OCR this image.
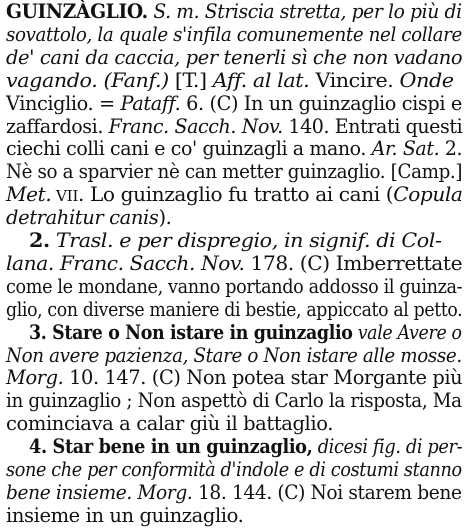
GUINZÀGLIO. S. m. Striscia stretta, per lo più di
sovattolo, la quale s'infila comunemente nel collare
de' cani da caccia, per tenerli sì che non vadano
vagando. (Fanf.) [T.] Aff. al lat. Vincire. Onde
Vinciglio. = Pataff. 6. (C) In un guinzaglio cispi e
zaffardosi. Franc. Sacch. Nov. 140. Entrati questi
ciechi colli cani e co' guinzagli a mano. Ar. Sat. 2.
Nè so a sparvier nè can metter guinzaglio. [Camp.]
Met. VII. Lo guinzaglio fu tratto ai cani (Copula
detrahitur canis).
2. Trasl. e per dispregio, in signif. di Col-
lana. Franc. Sacch. Nov. 178. (C) Imberrettate
come le mondane, vanno portando addosso il guinza-
glio, con diverse maniere di bestie, appiccato al petto.
3. Stare o Non istare in guinzaglio vale Avere o
Non avere pazienza, Stare o Non istare alle mosse.
Morg. 10. 147. (C) Non potea star Morgante più
in guinzaglio ; Non aspettò di Carlo la risposta, Ma
cominciava a calar giù il battaglio.
4. Star bene in un guinzaglio, dicesi fig. di per-
sone che per conformità d'indole e di costumi stanno
bene insieme. Morg. 18. 144. (C) Noi starem bene
insieme in un guinzaglio.
